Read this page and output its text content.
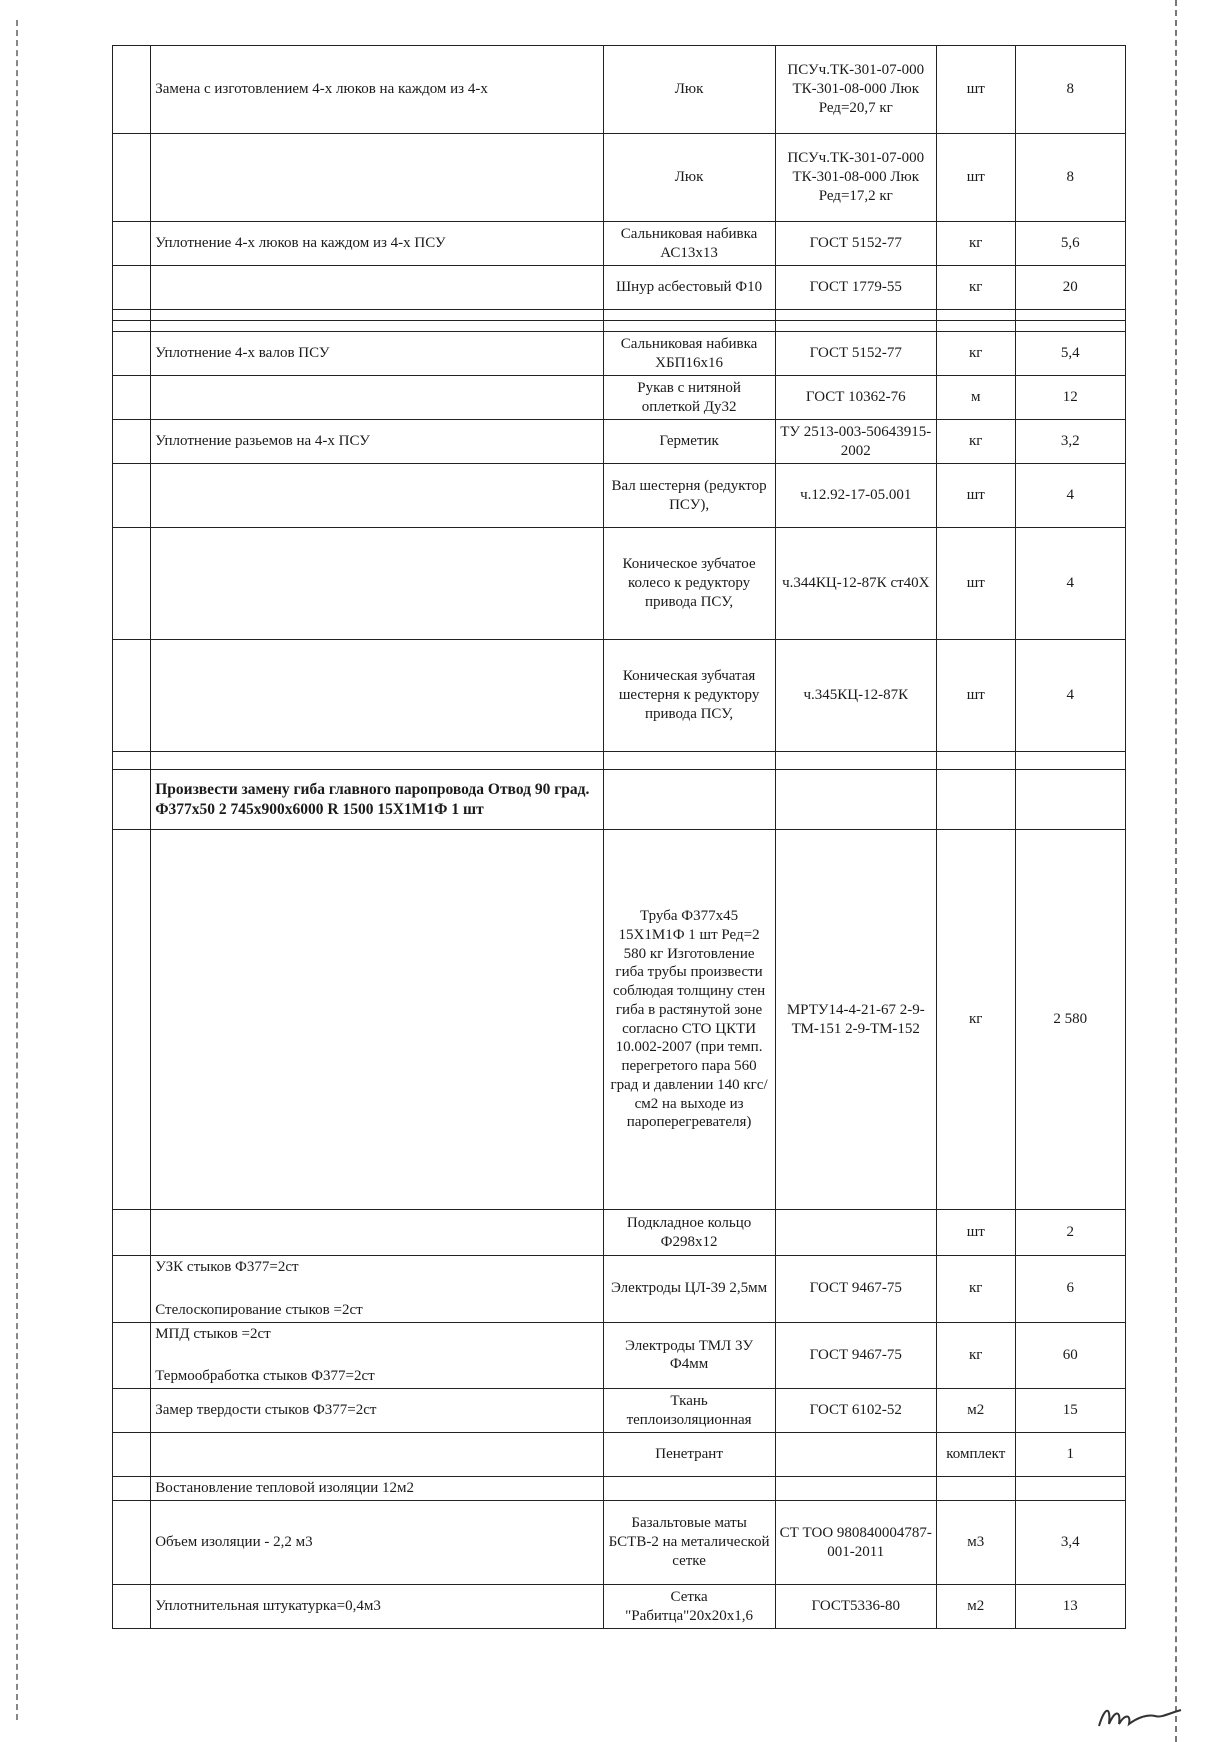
	Замена с изготовлением 4-х люков на каждом из 4-х	Люк	ПСУч.ТК-301-07-000 ТК-301-08-000 Люк Ред=20,7 кг	шт	8
		Люк	ПСУч.ТК-301-07-000 ТК-301-08-000 Люк Ред=17,2 кг	шт	8
	Уплотнение 4-х люков на каждом из 4-х ПСУ	Сальниковая набивка АС13х13	ГОСТ 5152-77	кг	5,6
		Шнур асбестовый Ф10	ГОСТ 1779-55	кг	20

	Уплотнение 4-х валов ПСУ	Сальниковая набивка ХБП16х16	ГОСТ 5152-77	кг	5,4
		Рукав с нитяной оплеткой Ду32	ГОСТ 10362-76	м	12
	Уплотнение разьемов на 4-х ПСУ	Герметик	ТУ 2513-003-50643915-2002	кг	3,2
		Вал шестерня (редуктор ПСУ),	ч.12.92-17-05.001	шт	4
		Коническое зубчатое колесо к редуктору привода ПСУ,	ч.344КЦ-12-87К ст40Х	шт	4
		Коническая зубчатая шестерня к редуктору привода ПСУ,	ч.345КЦ-12-87К	шт	4

	Произвести замену гиба главного паропровода Отвод 90 град. Ф377х50 2 745х900х6000 R 1500 15Х1М1Ф 1 шт				
		Труба Ф377х45 15Х1М1Ф 1 шт Ред=2 580 кг Изготовление гиба трубы произвести соблюдая толщину стен гиба в растянутой зоне согласно СТО ЦКТИ 10.002-2007 (при темп. перегретого пара 560 град и давлении 140 кгс/см2 на выходе из пароперегревателя)	МРТУ14-4-21-67 2-9-ТМ-151 2-9-ТМ-152	кг	2 580
		Подкладное кольцо Ф298х12		шт	2
	УЗК стыков Ф377=2ст
Стелоскопирование стыков =2ст	Электроды ЦЛ-39 2,5мм	ГОСТ 9467-75	кг	6
	МПД стыков =2ст
Термообработка стыков Ф377=2ст	Электроды ТМЛ 3У Ф4мм	ГОСТ 9467-75	кг	60
	Замер твердости стыков Ф377=2ст	Ткань теплоизоляционная	ГОСТ 6102-52	м2	15
		Пенетрант		комплект	1
	Востановление тепловой изоляции 12м2				
	Объем изоляции - 2,2 м3	Базальтовые маты БСТВ-2 на металической сетке	СТ ТОО 980840004787-001-2011	м3	3,4
	Уплотнительная штукатурка=0,4м3	Сетка "Рабитца"20х20х1,6	ГОСТ5336-80	м2	13
